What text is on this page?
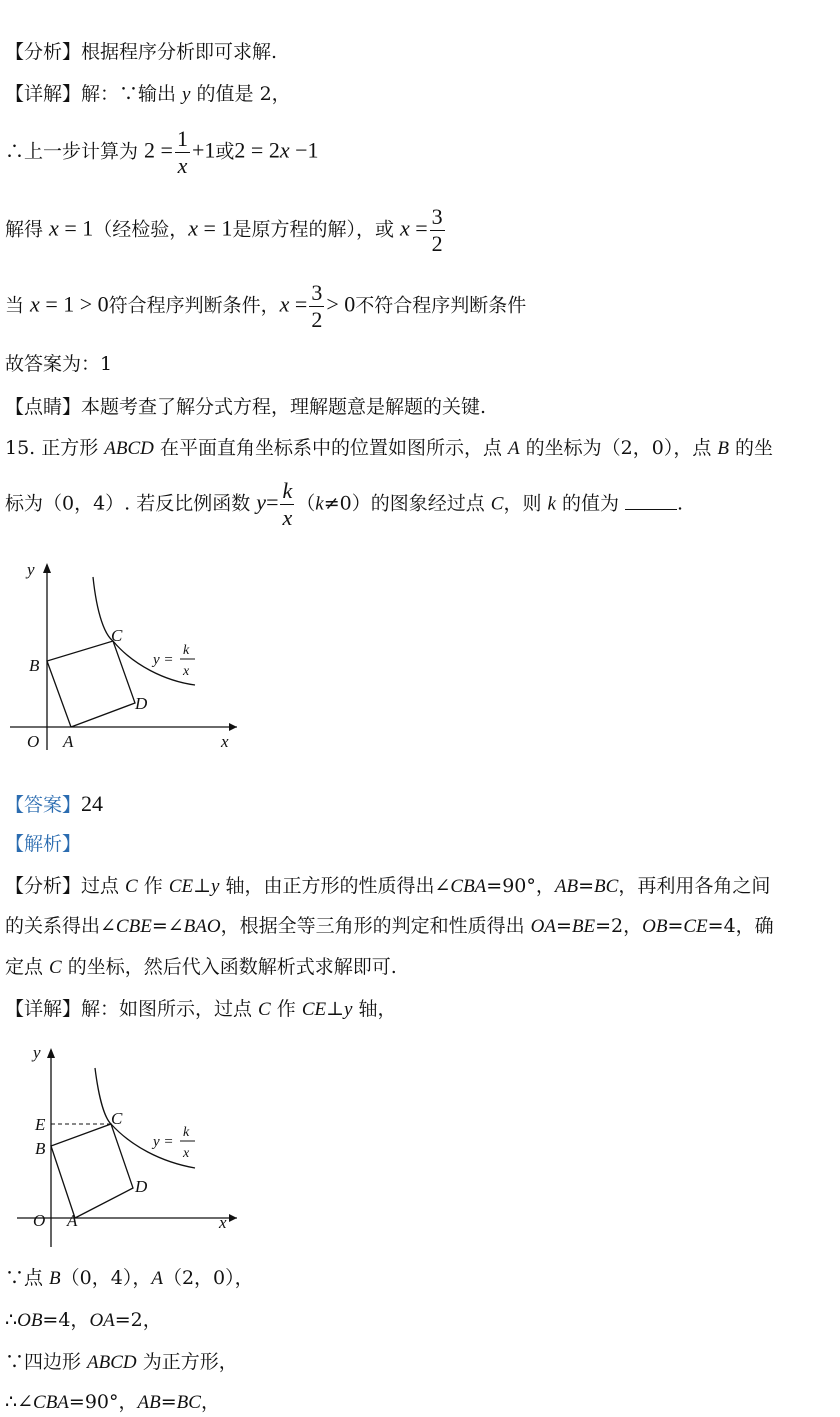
【分析】根据程序分析即可求解.
【详解】解：∵输出 y 的值是 2，
∴上一步计算为 $2 = \frac{1}{x} +1$或2 = 2x −1
解得 x = 1（经检验，x = 1是原方程的解），或 $x = \frac{3}{2}$
当 x = 1 > 0符合程序判断条件，$x = \frac{3}{2} > 0$不符合程序判断条件
故答案为：1
【点睛】本题考查了解分式方程，理解题意是解题的关键.
15. 正方形 ABCD 在平面直角坐标系中的位置如图所示，点 A 的坐标为（2，0），点 B 的坐
标为（0，4）. 若反比例函数 $y= \frac{k}{x} (k\ne 0)$的图象经过点 C，则 k 的值为	.
y
x
O A
B
C
D
y =
k
x
【答案】24
【解析】
【分析】过点 C 作 CE⊥y 轴，由正方形的性质得出∠CBA=90°，AB=BC，再利用各角之间
的关系得出∠CBE=∠BAO，根据全等三角形的判定和性质得出 OA=BE=2，OB=CE=4，确
定点 C 的坐标，然后代入函数解析式求解即可.
【详解】解：如图所示，过点 C 作 CE⊥y 轴，
y
x
O A
B
C
D
E
y =
k
x
∵点 B（0，4），A（2，0），
∴OB=4，OA=2，
∵四边形 ABCD 为正方形，
∴∠CBA=90°，AB=BC，
